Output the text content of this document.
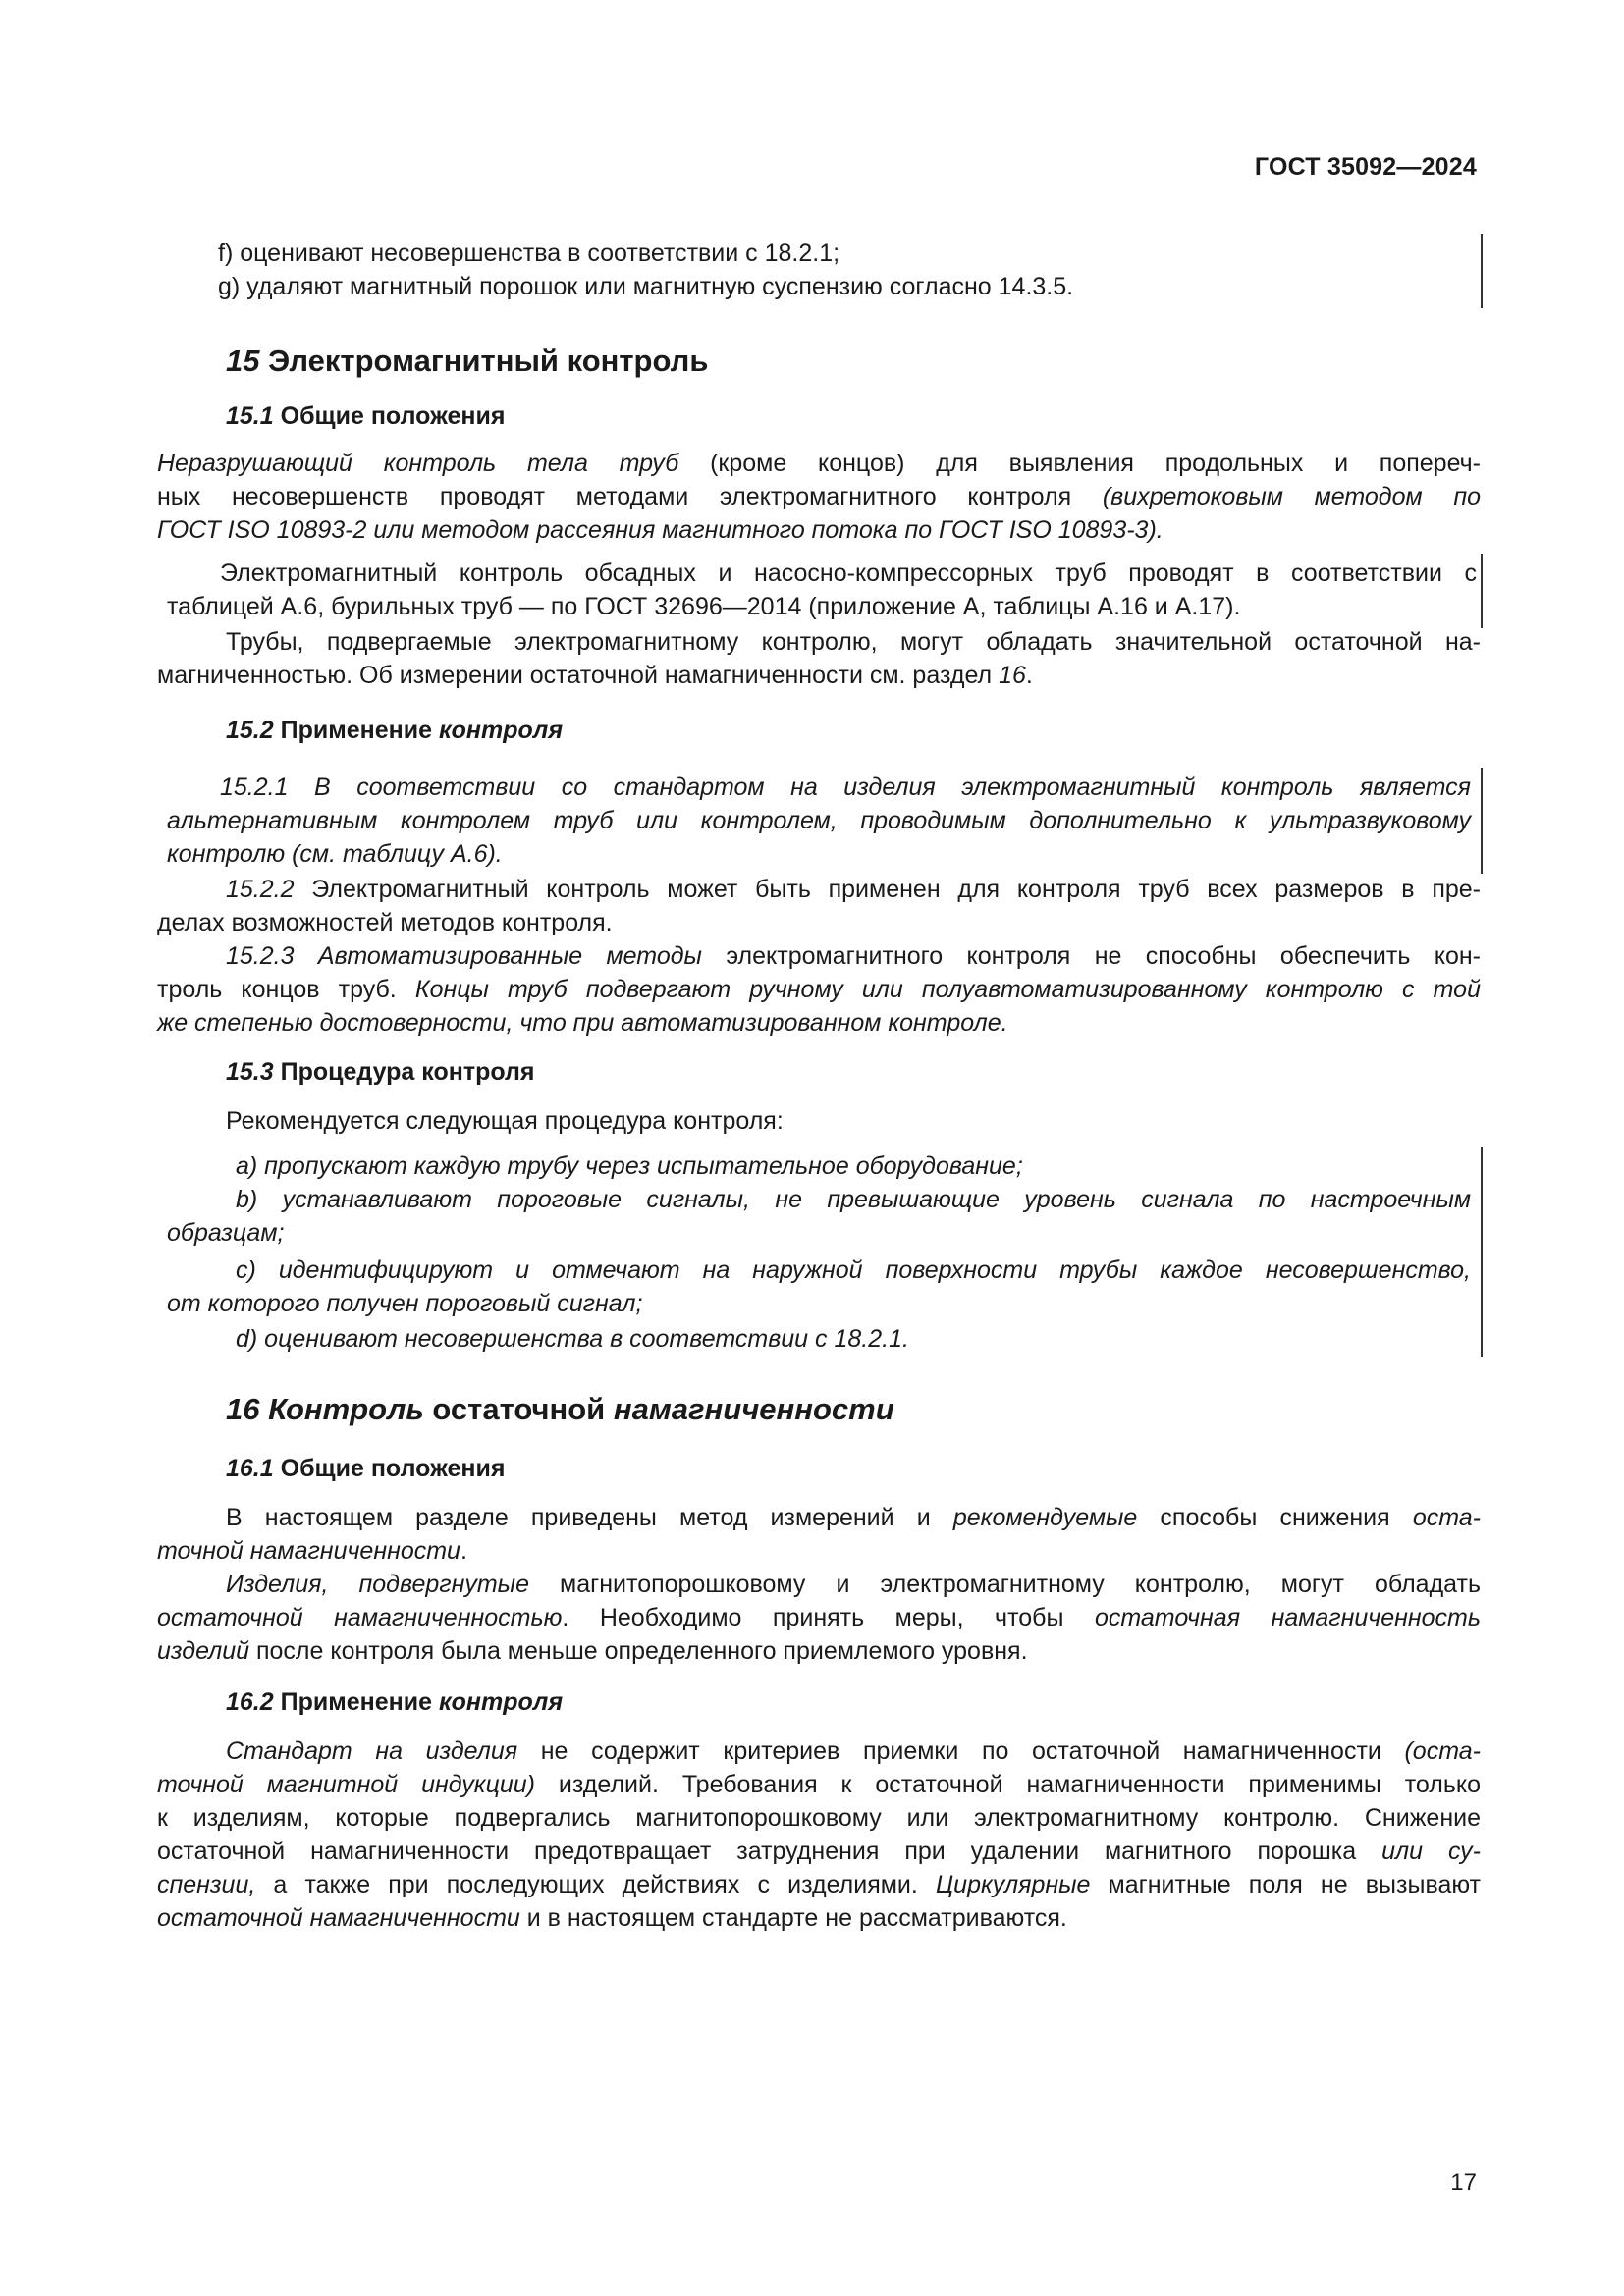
ГОСТ 35092—2024
f) оценивают несовершенства в соответствии с 18.2.1;
g) удаляют магнитный порошок или магнитную суспензию согласно 14.3.5.
15 Электромагнитный контроль
15.1 Общие положения
Неразрушающий контроль тела труб (кроме концов) для выявления продольных и попереч-
ных несовершенств проводят методами электромагнитного контроля (вихретоковым методом по
ГОСТ ISO 10893-2 или методом рассеяния магнитного потока по ГОСТ ISO 10893-3).
Электромагнитный контроль обсадных и насосно-компрессорных труб проводят в соответствии с
таблицей А.6, бурильных труб — по ГОСТ 32696—2014 (приложение А, таблицы А.16 и А.17).
Трубы, подвергаемые электромагнитному контролю, могут обладать значительной остаточной на-
магниченностью. Об измерении остаточной намагниченности см. раздел 16.
15.2 Применение контроля
15.2.1 В соответствии со стандартом на изделия электромагнитный контроль является
альтернативным контролем труб или контролем, проводимым дополнительно к ультразвуковому
контролю (см. таблицу А.6).
15.2.2 Электромагнитный контроль может быть применен для контроля труб всех размеров в пре-
делах возможностей методов контроля.
15.2.3 Автоматизированные методы электромагнитного контроля не способны обеспечить кон-
троль концов труб. Концы труб подвергают ручному или полуавтоматизированному контролю с той
же степенью достоверности, что при автоматизированном контроле.
15.3 Процедура контроля
Рекомендуется следующая процедура контроля:
а) пропускают каждую трубу через испытательное оборудование;
b) устанавливают пороговые сигналы, не превышающие уровень сигнала по настроечным
образцам;
c) идентифицируют и отмечают на наружной поверхности трубы каждое несовершенство,
от которого получен пороговый сигнал;
d) оценивают несовершенства в соответствии с 18.2.1.
16 Контроль остаточной намагниченности
16.1 Общие положения
В настоящем разделе приведены метод измерений и рекомендуемые способы снижения оста-
точной намагниченности.
Изделия, подвергнутые магнитопорошковому и электромагнитному контролю, могут обладать
остаточной намагниченностью. Необходимо принять меры, чтобы остаточная намагниченность
изделий после контроля была меньше определенного приемлемого уровня.
16.2 Применение контроля
Стандарт на изделия не содержит критериев приемки по остаточной намагниченности (оста-
точной магнитной индукции) изделий. Требования к остаточной намагниченности применимы только
к изделиям, которые подвергались магнитопорошковому или электромагнитному контролю. Снижение
остаточной намагниченности предотвращает затруднения при удалении магнитного порошка или су-
спензии, а также при последующих действиях с изделиями. Циркулярные магнитные поля не вызывают
остаточной намагниченности и в настоящем стандарте не рассматриваются.
17
